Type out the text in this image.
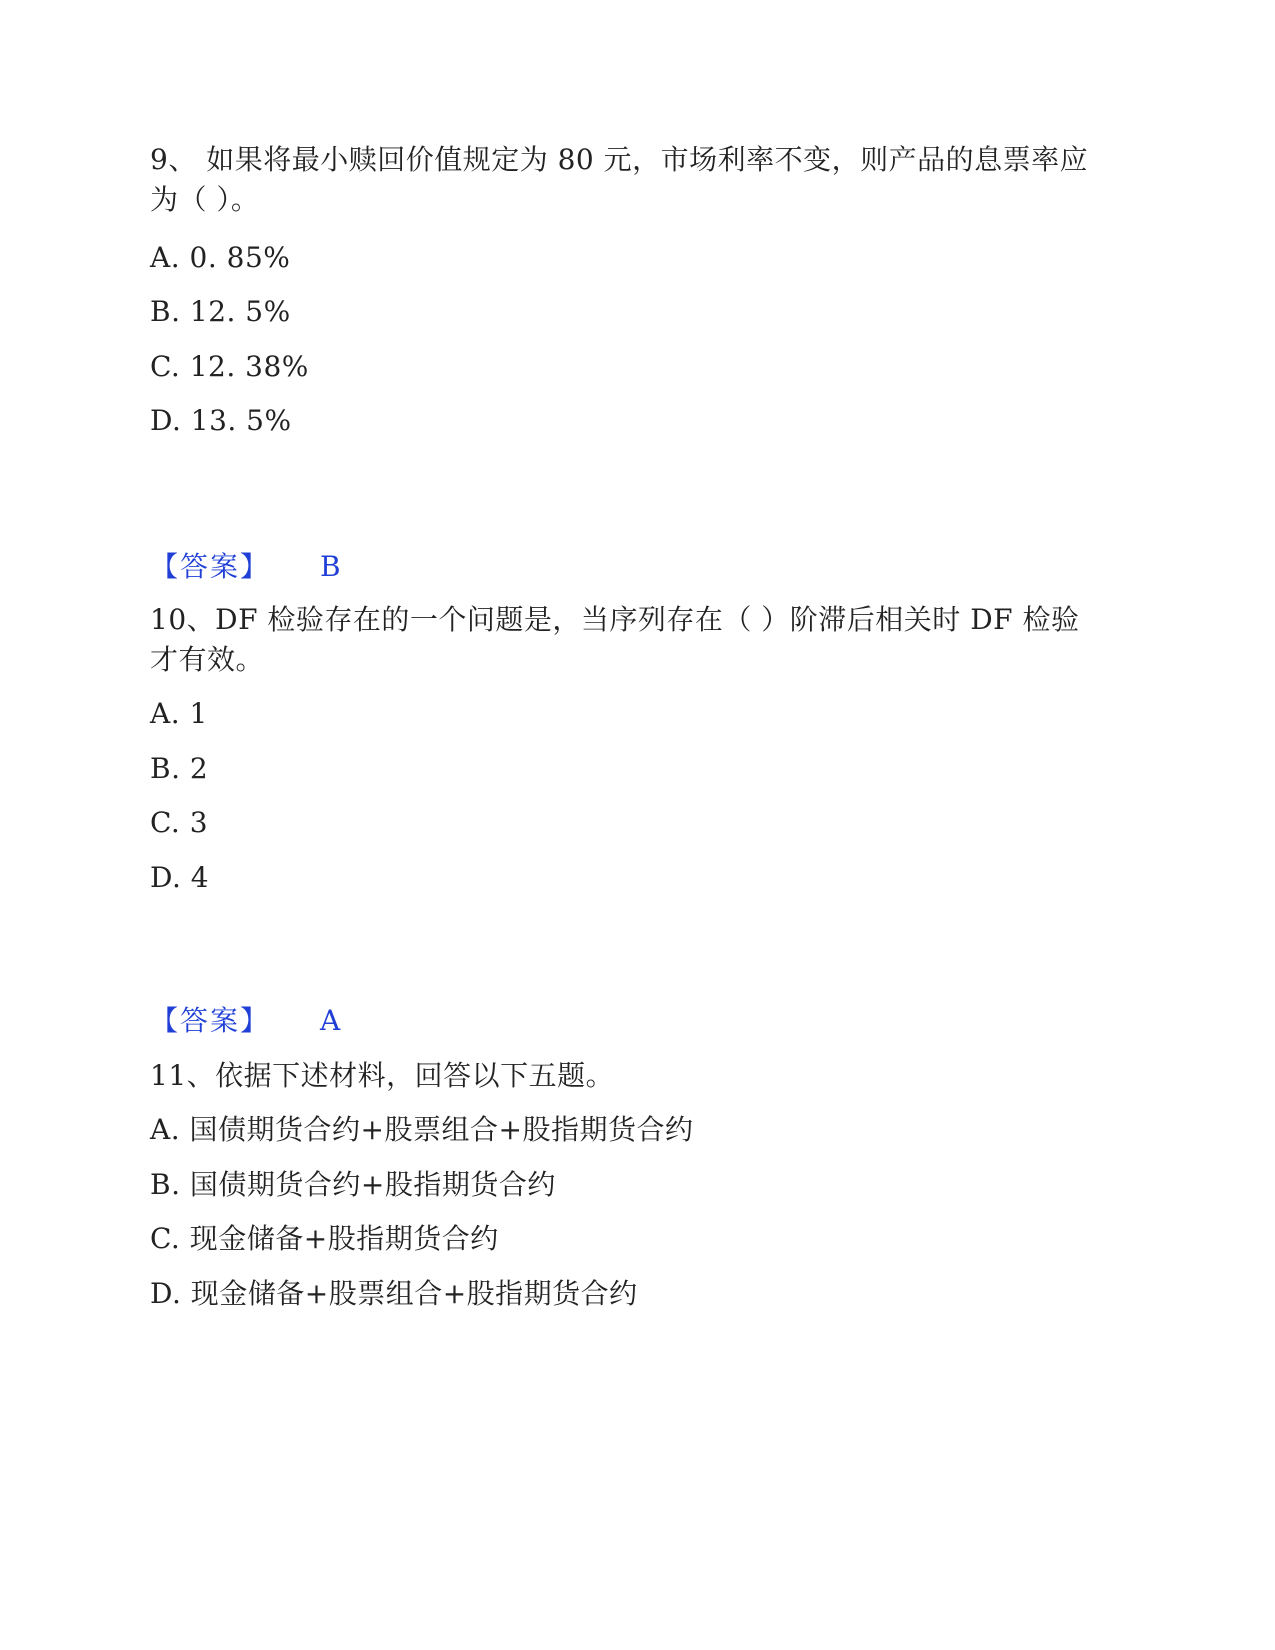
9、 如果将最小赎回价值规定为 80 元，市场利率不变，则产品的息票率应
为（ ）。
A. 0. 85%
B. 12. 5%
C. 12. 38%
D. 13. 5%
【答案】 B
10、DF 检验存在的一个问题是，当序列存在（ ）阶滞后相关时 DF 检验
才有效。
A. 1
B. 2
C. 3
D. 4
【答案】 A
11、依据下述材料，回答以下五题。
A. 国债期货合约+股票组合+股指期货合约
B. 国债期货合约+股指期货合约
C. 现金储备+股指期货合约
D. 现金储备+股票组合+股指期货合约
